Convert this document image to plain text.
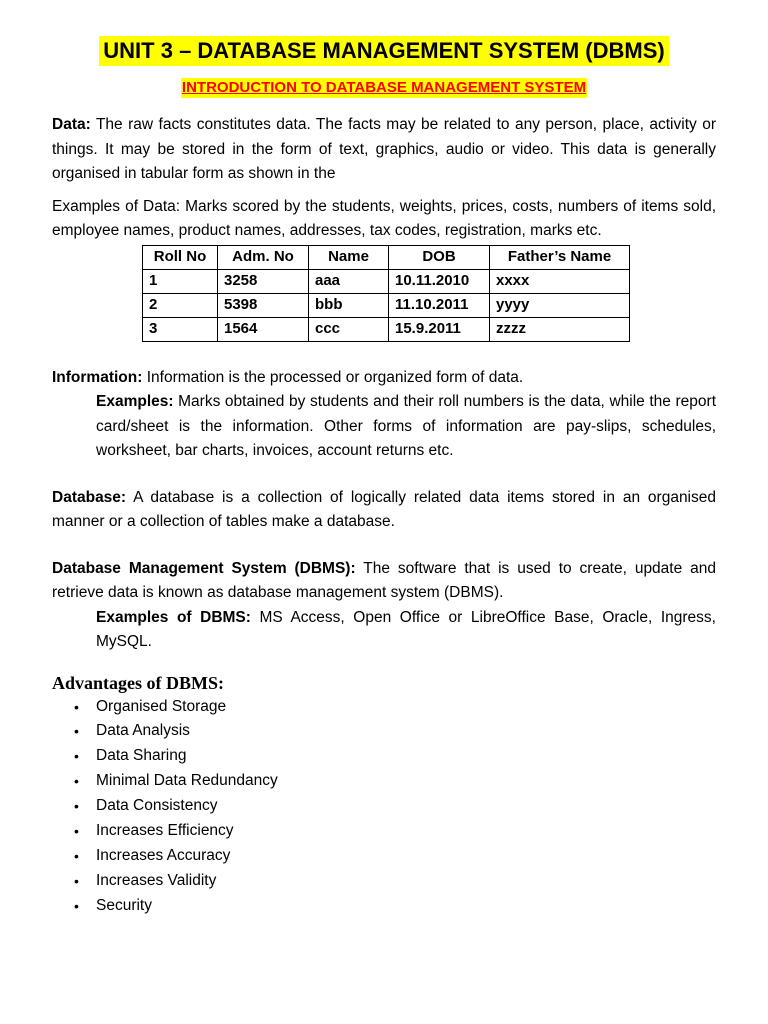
UNIT 3 – DATABASE MANAGEMENT SYSTEM (DBMS)
INTRODUCTION TO DATABASE MANAGEMENT SYSTEM

Data: The raw facts constitutes data. The facts may be related to any person, place, activity or things. It may be stored in the form of text, graphics, audio or video. This data is generally organised in tabular form as shown in the

Examples of Data: Marks scored by the students, weights, prices, costs, numbers of items sold, employee names, product names, addresses, tax codes, registration, marks etc.

Roll No	Adm. No	Name	DOB	Father’s Name
1	3258	aaa	10.11.2010	xxxx
2	5398	bbb	11.10.2011	yyyy
3	1564	ccc	15.9.2011	zzzz

Information: Information is the processed or organized form of data.

Examples: Marks obtained by students and their roll numbers is the data, while the report card/sheet is the information. Other forms of information are pay-slips, schedules, worksheet, bar charts, invoices, account returns etc.

Database: A database is a collection of logically related data items stored in an organised manner or a collection of tables make a database.

Database Management System (DBMS): The software that is used to create, update and retrieve data is known as database management system (DBMS).

Examples of DBMS: MS Access, Open Office or LibreOffice Base, Oracle, Ingress, MySQL.

Advantages of DBMS:
• Organised Storage
• Data Analysis
• Data Sharing
• Minimal Data Redundancy
• Data Consistency
• Increases Efficiency
• Increases Accuracy
• Increases Validity
• Security
